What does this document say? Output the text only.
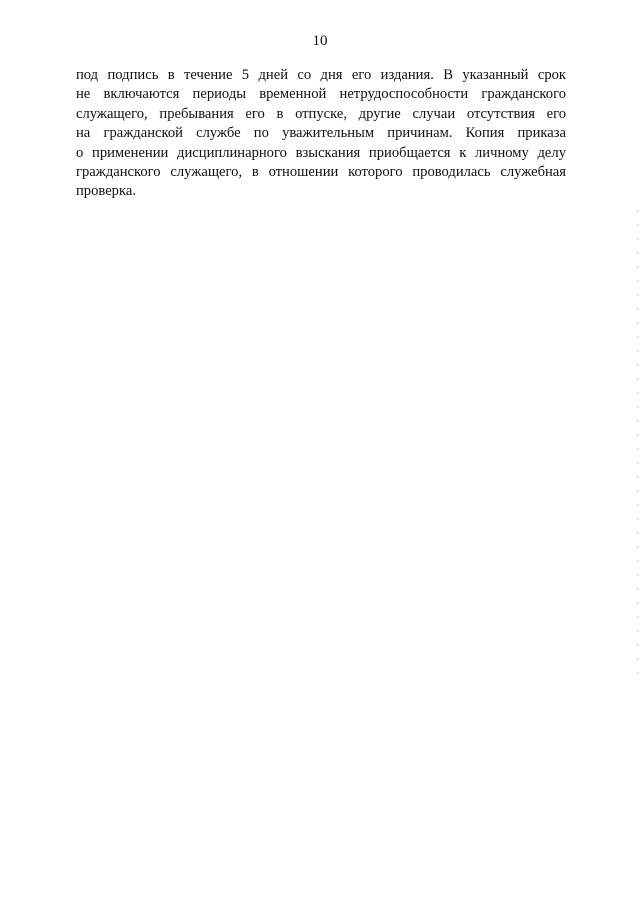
10
под подпись в течение 5 дней со дня его издания. В указанный срок
не включаются периоды временной нетрудоспособности гражданского
служащего, пребывания его в отпуске, другие случаи отсутствия его
на гражданской службе по уважительным причинам. Копия приказа
о применении дисциплинарного взыскания приобщается к личному делу
гражданского служащего, в отношении которого проводилась служебная
проверка.
